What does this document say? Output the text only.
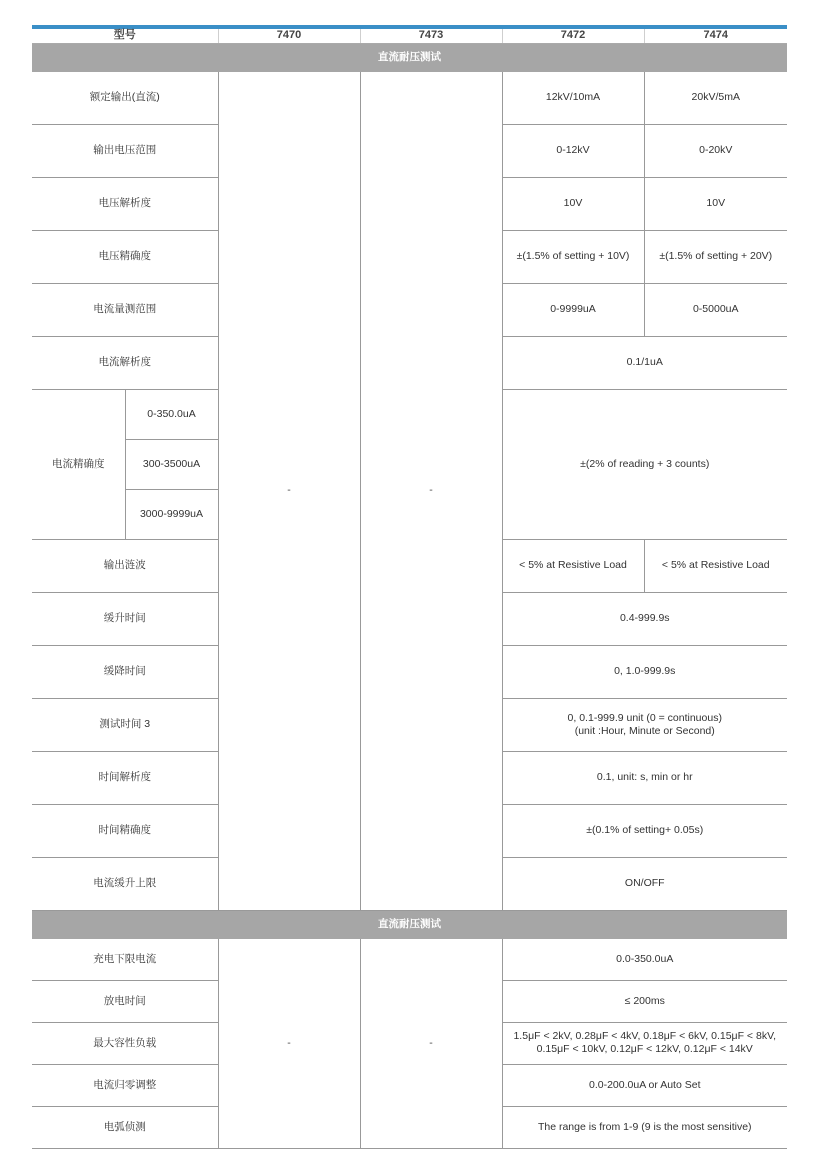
型号		7470	7473	7472	7474
直流耐压测试					
额定输出(直流)		-	-	12kV/10mA	20kV/5mA
输出电压范围				0-12kV	0-20kV
电压解析度				10V	10V
电压精确度				±(1.5% of setting + 10V)	±(1.5% of setting + 20V)
电流量测范围				0-9999uA	0-5000uA
电流解析度				0.1/1uA	
电流精确度	0-350.0uA			±(2% of reading + 3 counts)	
	300-3500uA				
	3000-9999uA				
输出涟波				< 5% at Resistive Load	< 5% at Resistive Load
缓升时间				0.4-999.9s	
缓降时间				0, 1.0-999.9s	
测试时间 3				0, 0.1-999.9 unit (0 = continuous)
(unit :Hour, Minute or Second)	

时间解析度				0.1, unit: s, min or hr	
时间精确度				±(0.1% of setting+ 0.05s)	
电流缓升上限				ON/OFF	
直流耐压测试					
充电下限电流		-	-	0.0-350.0uA	
放电时间				≤ 200ms	
最大容性负载				1.5μF < 2kV, 0.28μF < 4kV, 0.18μF < 6kV, 0.15μF < 8kV, 0.15μF < 10kV, 0.12μF < 12kV, 0.12μF < 14kV	
电流归零调整				0.0-200.0uA or Auto Set	
电弧侦测				The range is from 1-9 (9 is the most sensitive)	
